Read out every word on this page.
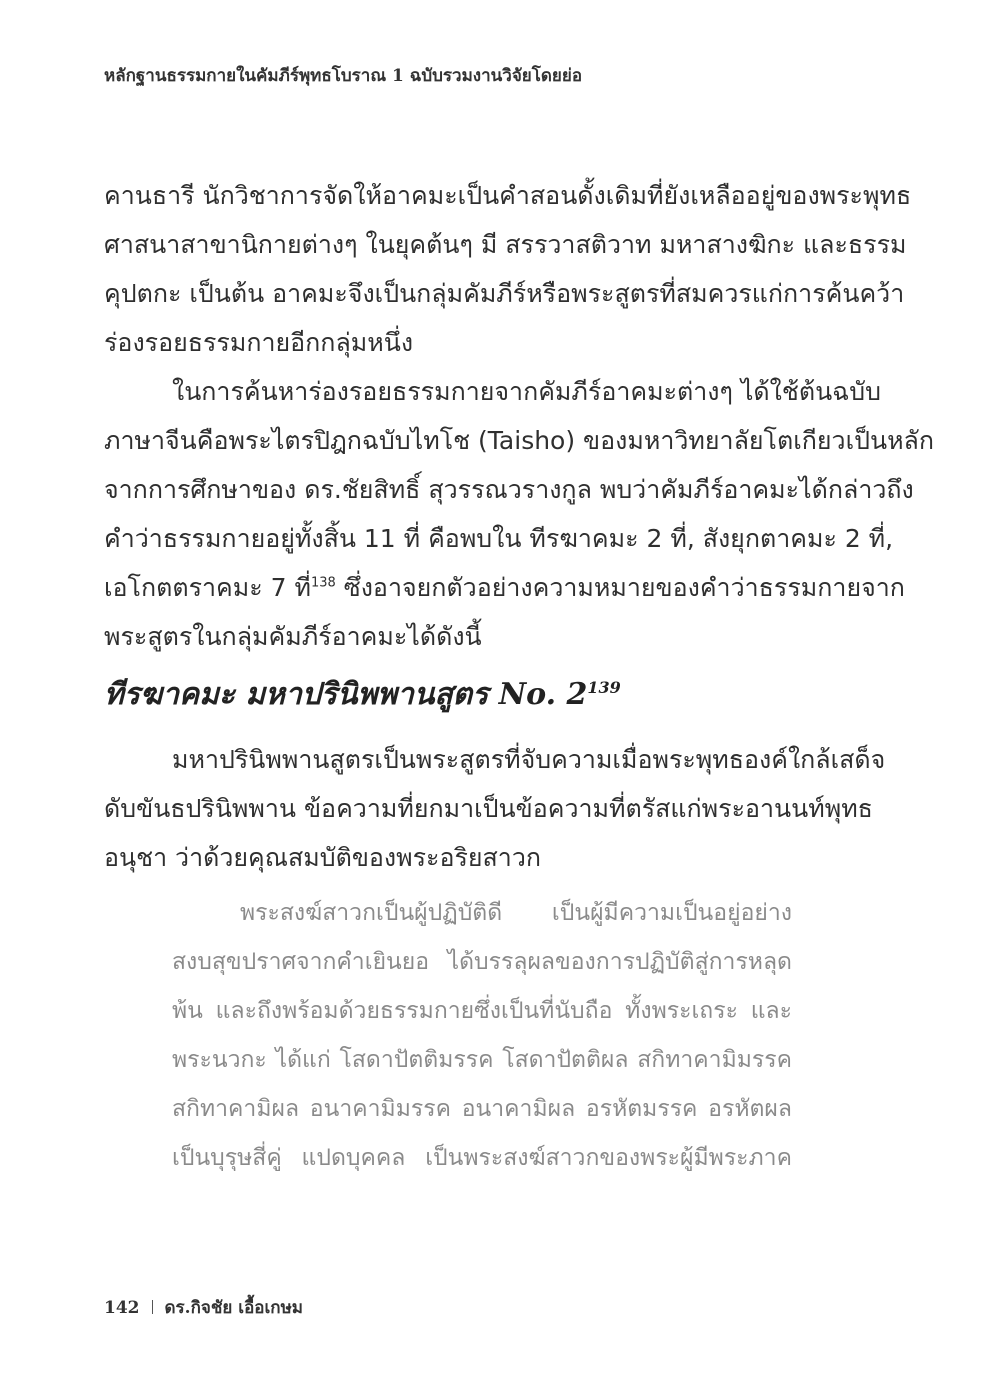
หลักฐานธรรมกายในคัมภีร์พุทธโบราณ 1 ฉบับรวมงานวิจัยโดยย่อ
คานธารี นักวิชาการจัดให้อาคมะเป็นคำสอนดั้งเดิมที่ยังเหลืออยู่ของพระพุทธ
ศาสนาสาขานิกายต่างๆ ในยุคต้นๆ มี สรรวาสติวาท มหาสางฆิกะ และธรรม
คุปตกะ เป็นต้น อาคมะจึงเป็นกลุ่มคัมภีร์หรือพระสูตรที่สมควรแก่การค้นคว้า
ร่องรอยธรรมกายอีกกลุ่มหนึ่ง
ในการค้นหาร่องรอยธรรมกายจากคัมภีร์อาคมะต่างๆ ได้ใช้ต้นฉบับ
ภาษาจีนคือพระไตรปิฎกฉบับไทโช (Taisho) ของมหาวิทยาลัยโตเกียวเป็นหลัก
จากการศึกษาของ ดร.ชัยสิทธิ์ สุวรรณวรางกูล พบว่าคัมภีร์อาคมะได้กล่าวถึง
คำว่าธรรมกายอยู่ทั้งสิ้น 11 ที่ คือพบใน ทีรฆาคมะ 2 ที่, สังยุกตาคมะ 2 ที่,
เอโกตตราคมะ 7 ที่$^{138}$ ซึ่งอาจยกตัวอย่างความหมายของคำว่าธรรมกายจาก
พระสูตรในกลุ่มคัมภีร์อาคมะได้ดังนี้
ทีรฆาคมะ มหาปรินิพพานสูตร No. $2^{139}$
มหาปรินิพพานสูตรเป็นพระสูตรที่จับความเมื่อพระพุทธองค์ใกล้เสด็จ
ดับขันธปรินิพพาน ข้อความที่ยกมาเป็นข้อความที่ตรัสแก่พระอานนท์พุทธ
อนุชา ว่าด้วยคุณสมบัติของพระอริยสาวก
พระสงฆ์สาวกเป็นผู้ปฏิบัติดี เป็นผู้มีความเป็นอยู่อย่าง
สงบสุขปราศจากคำเยินยอ ได้บรรลุผลของการปฏิบัติสู่การหลุด
พ้น และถึงพร้อมด้วยธรรมกายซึ่งเป็นที่นับถือ ทั้งพระเถระ และ
พระนวกะ ได้แก่ โสดาปัตติมรรค โสดาปัตติผล สกิทาคามิมรรค
สกิทาคามิผล อนาคามิมรรค อนาคามิผล อรหัตมรรค อรหัตผล
เป็นบุรุษสี่คู่ แปดบุคคล เป็นพระสงฆ์สาวกของพระผู้มีพระภาค
142 ดร.กิจชัย เอื้อเกษม
